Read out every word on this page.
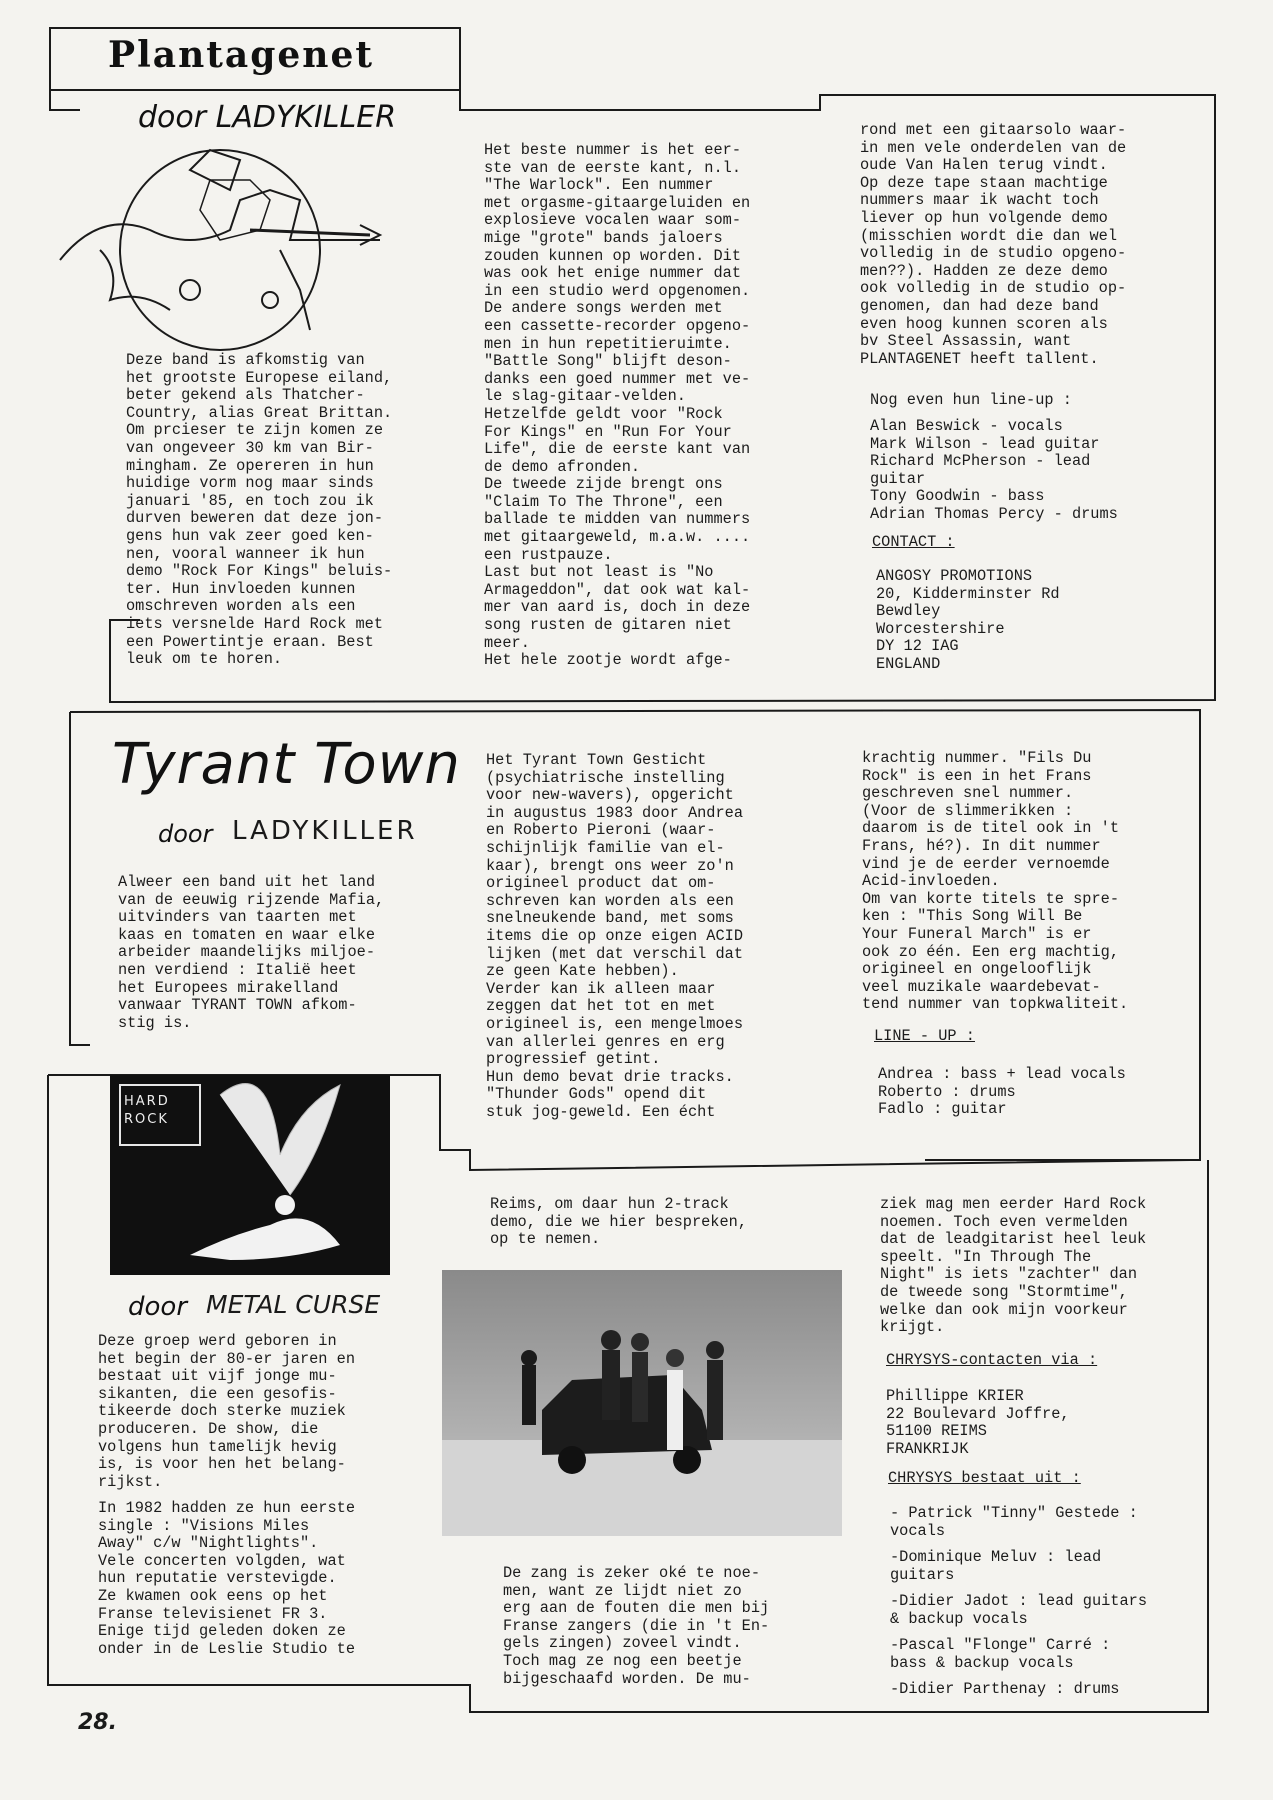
Plantagenet
door LADYKILLER
Deze band is afkomstig van
het grootste Europese eiland,
beter gekend als Thatcher-
Country, alias Great Brittan.
Om prcieser te zijn komen ze
van ongeveer 30 km van Bir-
mingham. Ze opereren in hun
huidige vorm nog maar sinds
januari '85, en toch zou ik
durven beweren dat deze jon-
gens hun vak zeer goed ken-
nen, vooral wanneer ik hun
demo "Rock For Kings" beluis-
ter. Hun invloeden kunnen
omschreven worden als een
iets versnelde Hard Rock met
een Powertintje eraan. Best
leuk om te horen.
Het beste nummer is het eer-
ste van de eerste kant, n.l.
"The Warlock". Een nummer
met orgasme-gitaargeluiden en
explosieve vocalen waar som-
mige "grote" bands jaloers
zouden kunnen op worden. Dit
was ook het enige nummer dat
in een studio werd opgenomen.
De andere songs werden met
een cassette-recorder opgeno-
men in hun repetitieruimte.
"Battle Song" blijft deson-
danks een goed nummer met ve-
le slag-gitaar-velden.
Hetzelfde geldt voor "Rock
For Kings" en "Run For Your
Life", die de eerste kant van
de demo afronden.
De tweede zijde brengt ons
"Claim To The Throne", een
ballade te midden van nummers
met gitaargeweld, m.a.w. ....
een rustpauze.
Last but not least is "No
Armageddon", dat ook wat kal-
mer van aard is, doch in deze
song rusten de gitaren niet
meer.
Het hele zootje wordt afge-
rond met een gitaarsolo waar-
in men vele onderdelen van de
oude Van Halen terug vindt.
Op deze tape staan machtige
nummers maar ik wacht toch
liever op hun volgende demo
(misschien wordt die dan wel
volledig in de studio opgeno-
men??). Hadden ze deze demo
ook volledig in de studio op-
genomen, dan had deze band
even hoog kunnen scoren als
bv Steel Assassin, want
PLANTAGENET heeft tallent.
Nog even hun line-up :
Alan Beswick - vocals
Mark Wilson - lead guitar
Richard McPherson - lead
guitar
Tony Goodwin - bass
Adrian Thomas Percy - drums
CONTACT :
ANGOSY PROMOTIONS
20, Kidderminster Rd
Bewdley
Worcestershire
DY 12 IAG
ENGLAND
Tyrant Town
door LADYKILLER
Alweer een band uit het land
van de eeuwig rijzende Mafia,
uitvinders van taarten met
kaas en tomaten en waar elke
arbeider maandelijks miljoe-
nen verdiend : Italië heet
het Europees mirakelland
vanwaar TYRANT TOWN afkom-
stig is.
Het Tyrant Town Gesticht
(psychiatrische instelling
voor new-wavers), opgericht
in augustus 1983 door Andrea
en Roberto Pieroni (waar-
schijnlijk familie van el-
kaar), brengt ons weer zo'n
origineel product dat om-
schreven kan worden als een
snelneukende band, met soms
items die op onze eigen ACID
lijken (met dat verschil dat
ze geen Kate hebben).
Verder kan ik alleen maar
zeggen dat het tot en met
origineel is, een mengelmoes
van allerlei genres en erg
progressief getint.
Hun demo bevat drie tracks.
"Thunder Gods" opend dit
stuk jog-geweld. Een écht
krachtig nummer. "Fils Du
Rock" is een in het Frans
geschreven snel nummer.
(Voor de slimmerikken :
daarom is de titel ook in 't
Frans, hé?). In dit nummer
vind je de eerder vernoemde
Acid-invloeden.
Om van korte titels te spre-
ken : "This Song Will Be
Your Funeral March" is er
ook zo één. Een erg machtig,
origineel en ongelooflijk
veel muzikale waardebevat-
tend nummer van topkwaliteit.
LINE - UP :
Andrea : bass + lead vocals
Roberto : drums
Fadlo : guitar
HARD
ROCK
door METAL CURSE
Deze groep werd geboren in
het begin der 80-er jaren en
bestaat uit vijf jonge mu-
sikanten, die een gesofis-
tikeerde doch sterke muziek
produceren. De show, die
volgens hun tamelijk hevig
is, is voor hen het belang-
rijkst.
In 1982 hadden ze hun eerste
single : "Visions Miles
Away" c/w "Nightlights".
Vele concerten volgden, wat
hun reputatie verstevigde.
Ze kwamen ook eens op het
Franse televisienet FR 3.
Enige tijd geleden doken ze
onder in de Leslie Studio te
Reims, om daar hun 2-track
demo, die we hier bespreken,
op te nemen.
De zang is zeker oké te noe-
men, want ze lijdt niet zo
erg aan de fouten die men bij
Franse zangers (die in 't En-
gels zingen) zoveel vindt.
Toch mag ze nog een beetje
bijgeschaafd worden. De mu-
ziek mag men eerder Hard Rock
noemen. Toch even vermelden
dat de leadgitarist heel leuk
speelt. "In Through The
Night" is iets "zachter" dan
de tweede song "Stormtime",
welke dan ook mijn voorkeur
krijgt.
CHRYSYS-contacten via :
Phillippe KRIER
22 Boulevard Joffre,
51100 REIMS
FRANKRIJK
CHRYSYS bestaat uit :
- Patrick "Tinny" Gestede :
vocals
-Dominique Meluv : lead
guitars
-Didier Jadot : lead guitars
& backup vocals
-Pascal "Flonge" Carré :
bass & backup vocals
-Didier Parthenay : drums
28.
